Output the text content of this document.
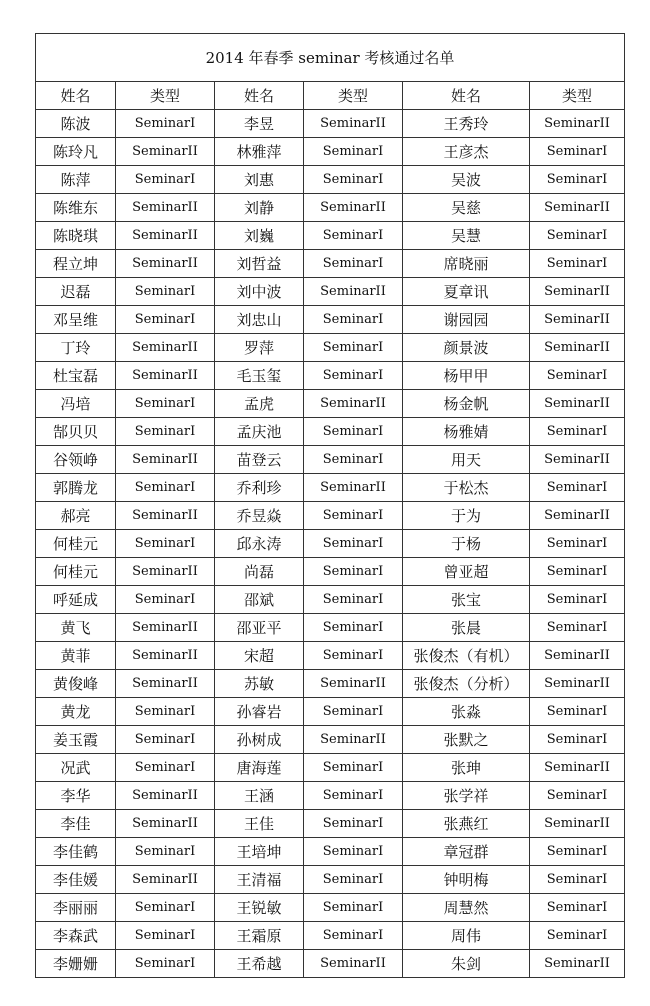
2014 年春季 seminar 考核通过名单					
姓名	类型	姓名	类型	姓名	类型
陈波	SeminarI	李昱	SeminarII	王秀玲	SeminarII
陈玲凡	SeminarII	林雅萍	SeminarI	王彦杰	SeminarI
陈萍	SeminarI	刘惠	SeminarI	吴波	SeminarI
陈维东	SeminarII	刘静	SeminarII	吴慈	SeminarII
陈晓琪	SeminarII	刘巍	SeminarI	吴慧	SeminarI
程立坤	SeminarII	刘哲益	SeminarI	席晓丽	SeminarI
迟磊	SeminarI	刘中波	SeminarII	夏章讯	SeminarII
邓呈维	SeminarI	刘忠山	SeminarI	谢园园	SeminarII
丁玲	SeminarII	罗萍	SeminarI	颜景波	SeminarII
杜宝磊	SeminarII	毛玉玺	SeminarI	杨甲甲	SeminarI
冯培	SeminarI	孟虎	SeminarII	杨金帆	SeminarII
郜贝贝	SeminarI	孟庆池	SeminarI	杨雅婧	SeminarI
谷领峥	SeminarII	苗登云	SeminarI	用天	SeminarII
郭腾龙	SeminarI	乔利珍	SeminarII	于松杰	SeminarI
郝亮	SeminarII	乔昱焱	SeminarI	于为	SeminarII
何桂元	SeminarI	邱永涛	SeminarI	于杨	SeminarI
何桂元	SeminarII	尚磊	SeminarI	曾亚超	SeminarI
呼延成	SeminarI	邵斌	SeminarI	张宝	SeminarI
黄飞	SeminarII	邵亚平	SeminarI	张晨	SeminarI
黄菲	SeminarII	宋超	SeminarI	张俊杰（有机）	SeminarII
黄俊峰	SeminarII	苏敏	SeminarII	张俊杰（分析）	SeminarII
黄龙	SeminarI	孙睿岩	SeminarI	张淼	SeminarI
姜玉霞	SeminarI	孙树成	SeminarII	张默之	SeminarI
况武	SeminarI	唐海莲	SeminarI	张珅	SeminarII
李华	SeminarII	王涵	SeminarI	张学祥	SeminarI
李佳	SeminarII	王佳	SeminarI	张燕红	SeminarII
李佳鹤	SeminarI	王培坤	SeminarI	章冠群	SeminarI
李佳媛	SeminarII	王清福	SeminarI	钟明梅	SeminarI
李丽丽	SeminarI	王锐敏	SeminarI	周慧然	SeminarI
李森武	SeminarI	王霜原	SeminarI	周伟	SeminarI
李姗姗	SeminarI	王希越	SeminarII	朱剑	SeminarII
